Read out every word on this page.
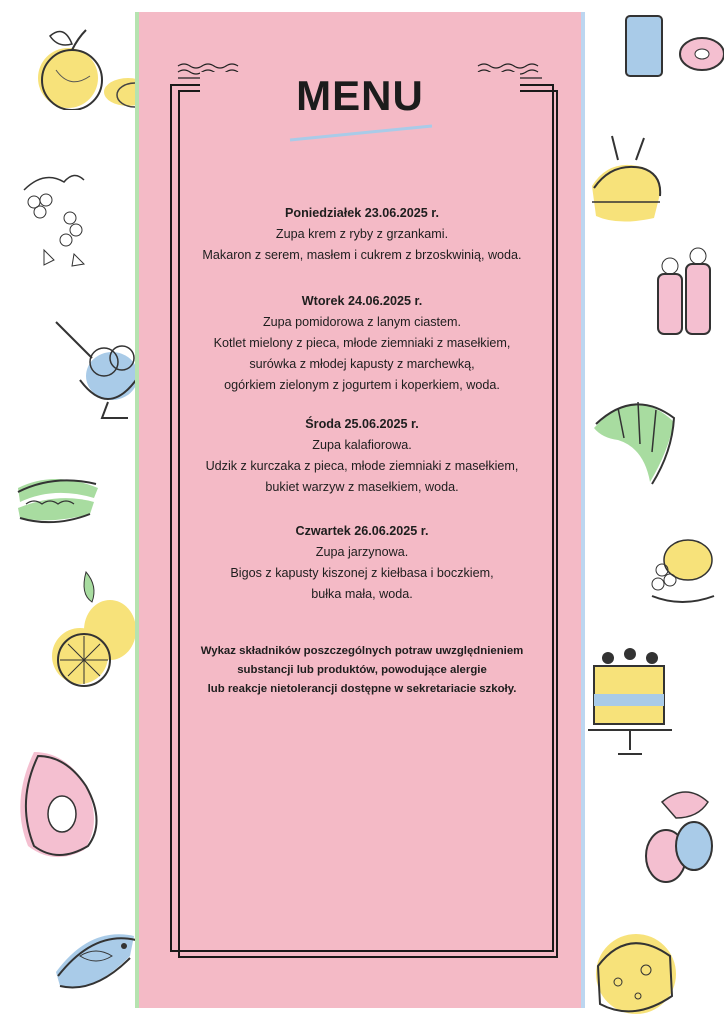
MENU
Poniedziałek 23.06.2025 r.
Zupa krem z ryby z grzankami.
Makaron z serem, masłem i cukrem z brzoskwinią, woda.
Wtorek 24.06.2025 r.
Zupa pomidorowa z lanym ciastem.
Kotlet mielony z pieca, młode ziemniaki z masełkiem,
surówka z młodej kapusty z marchewką,
ogórkiem zielonym z jogurtem i koperkiem, woda.
Środa 25.06.2025 r.
Zupa kalafiorowa.
Udzik z kurczaka z pieca, młode ziemniaki z masełkiem,
bukiet warzyw z masełkiem, woda.
Czwartek 26.06.2025 r.
Zupa jarzynowa.
Bigos z kapusty kiszonej z kiełbasa i boczkiem,
bułka mała, woda.
Wykaz składników poszczególnych potraw uwzględnieniem
substancji lub produktów, powodujące alergie
lub reakcje nietolerancji dostępne w sekretariacie szkoły.
